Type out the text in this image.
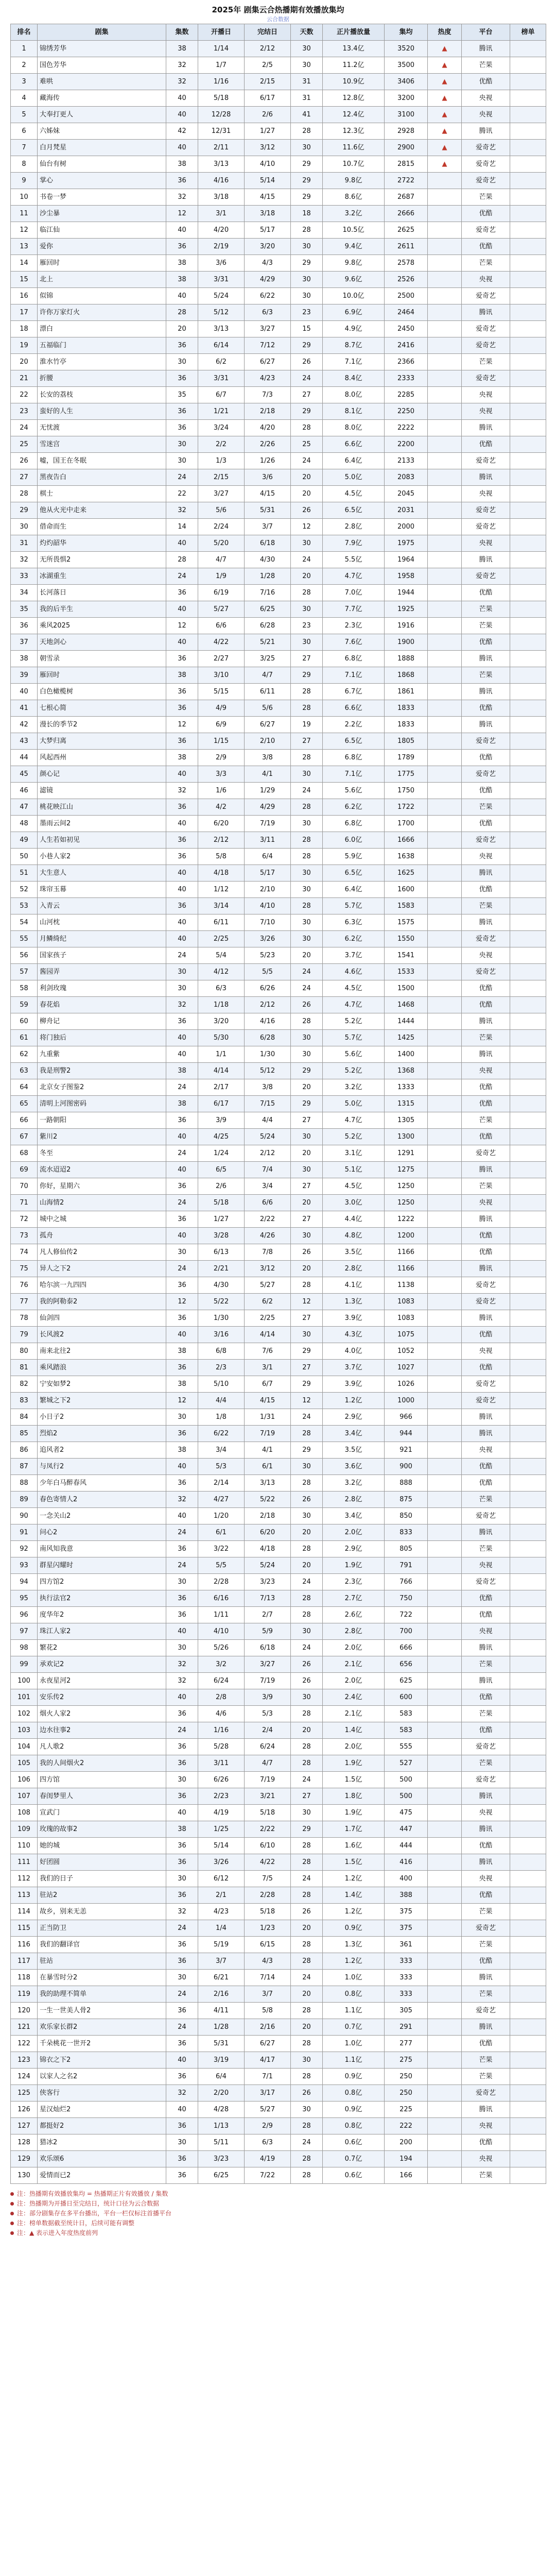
2025年 剧集云合热播期有效播放集均
云合数据
排名	剧集	集数	开播日	完结日	天数	正片播放量	集均	热度	平台	榜单
1	锦绣芳华	38	1/14	2/12	30	13.4亿	3520	▲	腾讯	
2	国色芳华	32	1/7	2/5	30	11.2亿	3500	▲	芒果	
3	难哄	32	1/16	2/15	31	10.9亿	3406	▲	优酷	
4	藏海传	40	5/18	6/17	31	12.8亿	3200	▲	央视	
5	大奉打更人	40	12/28	2/6	41	12.4亿	3100	▲	央视	
6	六姊妹	42	12/31	1/27	28	12.3亿	2928	▲	腾讯	
7	白月梵星	40	2/11	3/12	30	11.6亿	2900	▲	爱奇艺	
8	仙台有树	38	3/13	4/10	29	10.7亿	2815	▲	爱奇艺	
9	掌心	36	4/16	5/14	29	9.8亿	2722		爱奇艺	
10	书卷一梦	32	3/18	4/15	29	8.6亿	2687		芒果	
11	沙尘暴	12	3/1	3/18	18	3.2亿	2666		优酷	
12	临江仙	40	4/20	5/17	28	10.5亿	2625		爱奇艺	
13	爱你	36	2/19	3/20	30	9.4亿	2611		优酷	
14	雁回时	38	3/6	4/3	29	9.8亿	2578		芒果	
15	北上	38	3/31	4/29	30	9.6亿	2526		央视	
16	似锦	40	5/24	6/22	30	10.0亿	2500		爱奇艺	
17	许你万家灯火	28	5/12	6/3	23	6.9亿	2464		腾讯	
18	漂白	20	3/13	3/27	15	4.9亿	2450		爱奇艺	
19	五福临门	36	6/14	7/12	29	8.7亿	2416		爱奇艺	
20	淮水竹亭	30	6/2	6/27	26	7.1亿	2366		芒果	
21	折腰	36	3/31	4/23	24	8.4亿	2333		爱奇艺	
22	长安的荔枝	35	6/7	7/3	27	8.0亿	2285		央视	
23	蛮好的人生	36	1/21	2/18	29	8.1亿	2250		央视	
24	无忧渡	36	3/24	4/20	28	8.0亿	2222		腾讯	
25	雪迷宫	30	2/2	2/26	25	6.6亿	2200		优酷	
26	嘘，国王在冬眠	30	1/3	1/26	24	6.4亿	2133		爱奇艺	
27	黑夜告白	24	2/15	3/6	20	5.0亿	2083		腾讯	
28	棋士	22	3/27	4/15	20	4.5亿	2045		央视	
29	他从火光中走来	32	5/6	5/31	26	6.5亿	2031		爱奇艺	
30	借命而生	14	2/24	3/7	12	2.8亿	2000		爱奇艺	
31	灼灼韶华	40	5/20	6/18	30	7.9亿	1975		央视	
32	无所畏惧2	28	4/7	4/30	24	5.5亿	1964		腾讯	
33	冰湖重生	24	1/9	1/28	20	4.7亿	1958		爱奇艺	
34	长河落日	36	6/19	7/16	28	7.0亿	1944		优酷	
35	我的后半生	40	5/27	6/25	30	7.7亿	1925		芒果	
36	乘风2025	12	6/6	6/28	23	2.3亿	1916		芒果	
37	天地剑心	40	4/22	5/21	30	7.6亿	1900		优酷	
38	朝雪录	36	2/27	3/25	27	6.8亿	1888		腾讯	
39	雁回时	38	3/10	4/7	29	7.1亿	1868		芒果	
40	白色橄榄树	36	5/15	6/11	28	6.7亿	1861		腾讯	
41	七根心简	36	4/9	5/6	28	6.6亿	1833		优酷	
42	漫长的季节2	12	6/9	6/27	19	2.2亿	1833		腾讯	
43	大梦归离	36	1/15	2/10	27	6.5亿	1805		爱奇艺	
44	风起西州	38	2/9	3/8	28	6.8亿	1789		优酷	
45	颜心记	40	3/3	4/1	30	7.1亿	1775		爱奇艺	
46	滤镜	32	1/6	1/29	24	5.6亿	1750		优酷	
47	桃花映江山	36	4/2	4/29	28	6.2亿	1722		芒果	
48	墨雨云间2	40	6/20	7/19	30	6.8亿	1700		优酷	
49	人生若如初见	36	2/12	3/11	28	6.0亿	1666		爱奇艺	
50	小巷人家2	36	5/8	6/4	28	5.9亿	1638		央视	
51	大生意人	40	4/18	5/17	30	6.5亿	1625		腾讯	
52	珠帘玉幕	40	1/12	2/10	30	6.4亿	1600		优酷	
53	入青云	36	3/14	4/10	28	5.7亿	1583		芒果	
54	山河枕	40	6/11	7/10	30	6.3亿	1575		腾讯	
55	月鳞绮纪	40	2/25	3/26	30	6.2亿	1550		爱奇艺	
56	国家孩子	24	5/4	5/23	20	3.7亿	1541		央视	
57	酱园弄	30	4/12	5/5	24	4.6亿	1533		爱奇艺	
58	利剑玫瑰	30	6/3	6/26	24	4.5亿	1500		优酷	
59	春花焰	32	1/18	2/12	26	4.7亿	1468		优酷	
60	柳舟记	36	3/20	4/16	28	5.2亿	1444		腾讯	
61	将门独后	40	5/30	6/28	30	5.7亿	1425		芒果	
62	九重紫	40	1/1	1/30	30	5.6亿	1400		腾讯	
63	我是刑警2	38	4/14	5/12	29	5.2亿	1368		央视	
64	北京女子图鉴2	24	2/17	3/8	20	3.2亿	1333		优酷	
65	清明上河图密码	38	6/17	7/15	29	5.0亿	1315		优酷	
66	一路朝阳	36	3/9	4/4	27	4.7亿	1305		芒果	
67	紫川2	40	4/25	5/24	30	5.2亿	1300		优酷	
68	冬至	24	1/24	2/12	20	3.1亿	1291		爱奇艺	
69	流水迢迢2	40	6/5	7/4	30	5.1亿	1275		腾讯	
70	你好，星期六	36	2/6	3/4	27	4.5亿	1250		芒果	
71	山海情2	24	5/18	6/6	20	3.0亿	1250		央视	
72	城中之城	36	1/27	2/22	27	4.4亿	1222		腾讯	
73	孤舟	40	3/28	4/26	30	4.8亿	1200		优酷	
74	凡人修仙传2	30	6/13	7/8	26	3.5亿	1166		优酷	
75	异人之下2	24	2/21	3/12	20	2.8亿	1166		腾讯	
76	哈尔滨一九四四	36	4/30	5/27	28	4.1亿	1138		爱奇艺	
77	我的阿勒泰2	12	5/22	6/2	12	1.3亿	1083		爱奇艺	
78	仙剑四	36	1/30	2/25	27	3.9亿	1083		腾讯	
79	长风渡2	40	3/16	4/14	30	4.3亿	1075		优酷	
80	南来北往2	38	6/8	7/6	29	4.0亿	1052		央视	
81	乘风踏浪	36	2/3	3/1	27	3.7亿	1027		优酷	
82	宁安如梦2	38	5/10	6/7	29	3.9亿	1026		爱奇艺	
83	繁城之下2	12	4/4	4/15	12	1.2亿	1000		爱奇艺	
84	小日子2	30	1/8	1/31	24	2.9亿	966		腾讯	
85	烈焰2	36	6/22	7/19	28	3.4亿	944		腾讯	
86	追风者2	38	3/4	4/1	29	3.5亿	921		央视	
87	与凤行2	40	5/3	6/1	30	3.6亿	900		优酷	
88	少年白马醉春风	36	2/14	3/13	28	3.2亿	888		优酷	
89	春色寄情人2	32	4/27	5/22	26	2.8亿	875		芒果	
90	一念关山2	40	1/20	2/18	30	3.4亿	850		爱奇艺	
91	问心2	24	6/1	6/20	20	2.0亿	833		腾讯	
92	南风知我意	36	3/22	4/18	28	2.9亿	805		芒果	
93	群星闪耀时	24	5/5	5/24	20	1.9亿	791		央视	
94	四方馆2	30	2/28	3/23	24	2.3亿	766		爱奇艺	
95	执行法官2	36	6/16	7/13	28	2.7亿	750		优酷	
96	度华年2	36	1/11	2/7	28	2.6亿	722		优酷	
97	珠江人家2	40	4/10	5/9	30	2.8亿	700		央视	
98	繁花2	30	5/26	6/18	24	2.0亿	666		腾讯	
99	承欢记2	32	3/2	3/27	26	2.1亿	656		芒果	
100	永夜星河2	32	6/24	7/19	26	2.0亿	625		腾讯	
101	安乐传2	40	2/8	3/9	30	2.4亿	600		优酷	
102	烟火人家2	36	4/6	5/3	28	2.1亿	583		芒果	
103	边水往事2	24	1/16	2/4	20	1.4亿	583		优酷	
104	凡人歌2	36	5/28	6/24	28	2.0亿	555		爱奇艺	
105	我的人间烟火2	36	3/11	4/7	28	1.9亿	527		芒果	
106	四方馆	30	6/26	7/19	24	1.5亿	500		爱奇艺	
107	春闺梦里人	36	2/23	3/21	27	1.8亿	500		腾讯	
108	宣武门	40	4/19	5/18	30	1.9亿	475		央视	
109	玫瑰的故事2	38	1/25	2/22	29	1.7亿	447		腾讯	
110	她的城	36	5/14	6/10	28	1.6亿	444		优酷	
111	好团圆	36	3/26	4/22	28	1.5亿	416		腾讯	
112	我们的日子	30	6/12	7/5	24	1.2亿	400		央视	
113	驻站2	36	2/1	2/28	28	1.4亿	388		优酷	
114	故乡，别来无恙	32	4/23	5/18	26	1.2亿	375		芒果	
115	正当防卫	24	1/4	1/23	20	0.9亿	375		爱奇艺	
116	我们的翻译官	36	5/19	6/15	28	1.3亿	361		芒果	
117	驻站	36	3/7	4/3	28	1.2亿	333		优酷	
118	在暴雪时分2	30	6/21	7/14	24	1.0亿	333		腾讯	
119	我的助理不简单	24	2/16	3/7	20	0.8亿	333		芒果	
120	一生一世美人骨2	36	4/11	5/8	28	1.1亿	305		爱奇艺	
121	欢乐家长群2	24	1/28	2/16	20	0.7亿	291		腾讯	
122	千朵桃花一世开2	36	5/31	6/27	28	1.0亿	277		优酷	
123	锦衣之下2	40	3/19	4/17	30	1.1亿	275		芒果	
124	以家人之名2	36	6/4	7/1	28	0.9亿	250		芒果	
125	侠客行	32	2/20	3/17	26	0.8亿	250		爱奇艺	
126	星汉灿烂2	40	4/28	5/27	30	0.9亿	225		腾讯	
127	都挺好2	36	1/13	2/9	28	0.8亿	222		央视	
128	猎冰2	30	5/11	6/3	24	0.6亿	200		优酷	
129	欢乐颂6	36	3/23	4/19	28	0.7亿	194		央视	
130	爱情而已2	36	6/25	7/22	28	0.6亿	166		芒果	
注：热播期有效播放集均 = 热播期正片有效播放 / 集数
注：热播期为开播日至完结日，统计口径为云合数据
注：部分剧集存在多平台播出，平台一栏仅标注首播平台
注：榜单数据截至统计日，后续可能有调整
注：▲ 表示进入年度热度前列
